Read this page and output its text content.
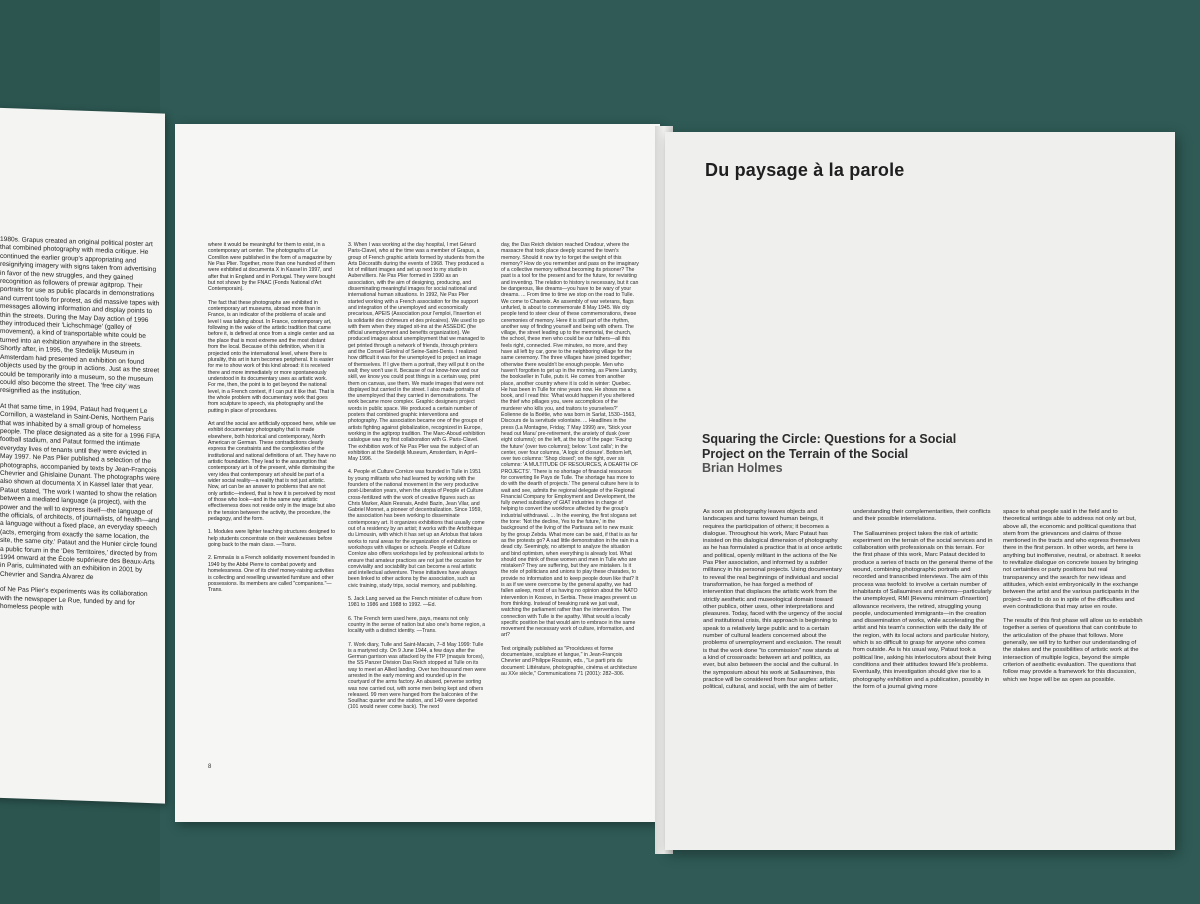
1980s. Grapus created an original political poster art that combined photography with media critique. He continued the earlier group's appropriating and resignifying imagery with signs taken from advertising in favor of the new struggles, and they gained recognition as followers of prewar agitprop. Their portraits for use as public placards in demonstrations and current tools for protest, as did massive tapes with messages allowing information and display points to thin the streets. During the May Day action of 1996 they introduced their 'Lichschmage' (galley of movement), a kind of transportable white could be turned into an exhibition anywhere in the streets. Shortly after, in 1995, the Stedelijk Museum in Amsterdam had presented an exhibition on found objects used by the group in actions. Just as the street could be temporarily into a museum, so the museum could also become the street. The 'free city' was resignified as the institution.

At that same time, in 1994, Pataut had frequent Le Cornillon, a wasteland in Saint-Denis, Northern Paris that was inhabited by a small group of homeless people. The place designated as a site for a 1996 FIFA football stadium, and Pataut formed the intimate everyday lives of tenants until they were evicted in May 1997. Ne Pas Plier published a selection of the photographs, accompanied by texts by Jean-François Chevrier and Ghislaine Dunant. The photographs were also shown at documenta X in Kassel later that year. Pataut stated, 'The work I wanted to show the relation between a mediated language (a project), with the power and the will to express itself—the language of the officials, of architects, of journalists, of health—and a language without a fixed place, an everyday speech (acts, emerging from exactly the same location, the site, the same city.' Pataut and the Hunier circle found a public forum in the 'Des Territoires,' directed by from 1994 onward at the École supérieure des Beaux-Arts in Paris, culminated with an exhibition in 2001 by Chevrier and Sandra Alvarez de

of Ne Pas Plier's experiments was its collaboration with the newspaper Le Rue, funded by and for homeless people with

where it would be meaningful for them to exist, in a contemporary art center. The photographs of Le Cornillon were published in the form of a magazine by Ne Pas Plier. Together, more than one hundred of them were exhibited at documenta X in Kassel in 1997, and after that in England and in Portugal. They were bought but not shown by the FNAC (Fonds National d'Art Contemporain).

The fact that these photographs are exhibited in contemporary art museums, abroad more than in France, is an indicator of the problems of scale and level I was talking about. In France, contemporary art, following in the wake of the artistic tradition that came before it, is defined at once from a single center and as the place that is most extreme and the most distant from the local. Because of this definition, when it is projected onto the international level, where there is plurality, this art in turn becomes peripheral. It is easier for me to show work of this kind abroad: it is received there and more immediately or more spontaneously understood in its documentary uses as artistic work. For me, then, the point is to get beyond the national level, in a French context, if I can put it like that. That is the whole problem with documentary work that goes from sculpture to speech, via photography and the putting in place of procedures.

Art and the social are artificially opposed here, while we exhibit documentary photography that is made elsewhere, both historical and contemporary, North American or German. These contradictions clearly express the constraints and the complexities of the institutional and national definitions of art. They have no artistic foundation. They lead to the assumption that contemporary art is of the present, while dismissing the very idea that contemporary art should be part of a wider social reality—a reality that is not just artistic. Now, art can be an answer to problems that are not only artistic—indeed, that is how it is perceived by most of those who look—and in the same way artistic effectiveness does not reside only in the image but also in the tension between the activity, the procedure, the pedagogy, and the form.

1. Modules were lighter teaching structures designed to help students concentrate on their weaknesses before going back to the main class. —Trans.

2. Emmaüs is a French solidarity movement founded in 1949 by the Abbé Pierre to combat poverty and homelessness. One of its chief money-raising activities is collecting and reselling unwanted furniture and other possessions. Its members are called "companions."—Trans.

3. When I was working at the day hospital, I met Gérard Paris-Clavel, who at the time was a member of Grapus, a group of French graphic artists formed by students from the Arts Décoratifs during the events of 1968. They produced a lot of militant images and set up next to my studio in Aubervilliers. Ne Pas Plier formed in 1990 as an association, with the aim of designing, producing, and disseminating meaningful images for social national and international human situations. In 1992, Ne Pas Plier started working with a French association for the support and integration of the unemployed and economically precarious, APEIS (Association pour l'emploi, l'insertion et la solidarité des chômeurs et des précaires). We used to go with them when they staged sit-ins at the ASSEDIC (the official unemployment and benefits organization). We produced images about unemployment that we managed to get printed through a network of friends, through printers and the Conseil Général of Seine-Saint-Denis. I realized how difficult it was for the unemployed to project an image of themselves. If I give them a portrait, they will put it on the wall; they won't use it. Because of our know-how and our skill, we know you could post things in a certain way, print them on canvas, use them. We made images that were not displayed but carried in the street. I also made portraits of the unemployed that they carried in demonstrations. The work became more complex. Graphic designers project words in public space. We produced a certain number of posters that combined graphic interventions and photography. The association became one of the groups of artists fighting against globalization, recognized in Europe, working in the agitprop tradition. The Marc-Aboud exhibition catalogue was my first collaboration with G. Paris-Clavel. The exhibition work of Ne Pas Plier was the subject of an exhibition at the Stedelijk Museum, Amsterdam, in April–May 1996.

4. People et Culture Corrèze was founded in Tulle in 1951 by young militants who had learned by working with the founders of the national movement in the very productive post-Liberation years, when the utopia of People et Culture cross-fertilized with the work of creative figures such as Chris Marker, Alain Resnais, André Bazin, Jean Vilar, and Gabriel Monnet, a pioneer of decentralization. Since 1959, the association has been working to disseminate contemporary art. It organizes exhibitions that usually come out of a residency by an artist; it works with the Artothèque du Limousin, with which it has set up an Artobus that takes works to rural areas for the organization of exhibitions or workshops with villages or schools. People et Culture Corrèze also offers workshops led by professional artists to ensure that amateur practices are not just the occasion for conviviality and sociability but can become a real artistic and intellectual adventure. These initiatives have always been linked to other actions by the association, such as civic training, study trips, social memory, and publishing.

5. Jack Lang served as the French minister of culture from 1981 to 1986 and 1988 to 1992. —Ed.

6. The French term used here, pays, means not only country in the sense of nation but also one's home region, a locality with a distinct identity. —Trans.

7. Work diary, Tulle and Saint-Macain, 7–8 May 1999: Tulle is a martyred city. On 9 June 1944, a few days after the German garrison was attacked by the FTP (maquis forces), the SS Panzer Division Das Reich stopped at Tulle on its way to meet an Allied landing. Over two thousand men were arrested in the early morning and rounded up in the courtyard of the arms factory. An abused, perverse sorting was now carried out, with some men being kept and others released. 99 men were hanged from the balconies of the Souilhac quarter and the station, and 149 were deported (101 would never come back). The next

day, the Das Reich division reached Oradour, where the massacre that took place deeply scarred the town's memory. Should it now try to forget the weight of this memory? How do you remember and pass on the imaginary of a collective memory without becoming its prisoner? The past is a tool for the present and for the future, for revisiting and inventing. The relation to history is necessary, but it can be dangerous, like dreams—you have to be wary of your dreams. ... From time to time we stop on the road to Tulle. We come to Chanteix. An assembly of war veterans, flags unfurled, is about to commemorate 8 May 1945. We city people tend to steer clear of these commemorations, these ceremonies of memory. Here it is still part of the rhythm, another way of finding yourself and being with others. The village, the street leading up to the memorial, the church, the school, these men who could be our fathers—all this feels right, connected. Five minutes, no more, and they have all left by car, gone to the neighboring village for the same ceremony. The three villages have joined together; otherwise there wouldn't be enough people. Men who haven't forgotten to get up in the morning, as Pierre Landry, the bookseller in Tulle, puts it. He comes from another place, another country where it is cold in winter: Quebec. He has been in Tulle for nine years now. He shows me a book, and I read this: 'What would happen if you sheltered the thief who pillages you, were accomplices of the murderer who kills you, and traitors to yourselves?' Éolienne de la Boétie, who was born in Sarlat, 1530–1563, Discours de la servitude volontaire. ... Headlines in the press (La Montagne, Friday, 7 May 1999) are, 'Stick your head out Manu' pre-retirement, the anxiety of dusk (over eight columns); on the left, at the top of the page: 'Facing the future' (over two columns); below: 'Lost calls'; in the center, over four columns, 'A logic of closure'. Bottom left, over two columns: 'Shop closed'; on the right, over six columns: 'A MULTITUDE OF RESOURCES, A DEARTH OF PROJECTS'. 'There is no shortage of financial resources for converting Ile Pays de Tulle. The shortage has more to do with the dearth of projects.' The general culture here is to wait and see, admits the regional delegate of the Regional Financial Company for Employment and Development, the fully owned subsidiary of GIAT industries in charge of helping to convert the workforce affected by the group's industrial withdrawal. ... In the evening, the first slogans set the tone: 'Not the decline, Yes to the future,' in the background of the living of the Partisans set to new music by the group Zebda. What more can be said, if that is as far as the protests go? A sad little demonstration in the rain in a dead city. Seemingly, no attempt to analyze the situation and bind optimism, when everything is already lost. What should one think of these women and men in Tulle who are mistaken? They are suffering, but they are mistaken. Is it the role of politicians and unions to play these charades, to provide no information and to keep people down like that? It is as if we were overcome by the general apathy, we had fallen asleep, most of us having no opinion about the NATO intervention in Kosovo, in Serbia. These images prevent us from thinking. Instead of breaking rank we just wait, watching the parliament rather than the intervention. The connection with Tulle is the apathy. What would a locally specific position be that would aim to embrace in the same movement the necessary work of culture, information, and art?

Text originally published as "Procédures et forme documentaire, sculpture et langue," in Jean-François Chevrier and Philippe Roussin, eds., "Le parti pris du document: Littérature, photographie, cinéma et architecture au XXe siècle," Communications 71 (2001): 282–306.

8
Du paysage à la parole
Squaring the Circle: Questions for a Social Project on the Terrain of the Social
Brian Holmes

As soon as photography leaves objects and landscapes and turns toward human beings, it requires the participation of others; it becomes a dialogue. Throughout his work, Marc Pataut has insisted on this dialogical dimension of photography as he has formulated a practice that is at once artistic and political, openly militant in the actions of the Ne Pas Plier association, and informed by a subtler militancy in his personal projects. Using documentary to reveal the real beginnings of individual and social transformation, he has forged a method of intervention that displaces the artistic work from the strictly aesthetic and museological domain toward other publics, other uses, other interpretations and pleasures. Today, faced with the urgency of the social and institutional crisis, this approach is beginning to speak to a relatively large public and to a certain number of cultural leaders concerned about the problems of unemployment and exclusion. The result is that the work done "to commission" now stands at a kind of crossroads: between art and politics, as ever, but also between the social and the cultural. In the symposium about his work at Sallaumines, this practice will be considered from four angles: artistic, political, cultural, and social, with the aim of better

understanding their complementarities, their conflicts and their possible interrelations.

The Sallaumines project takes the risk of artistic experiment on the terrain of the social services and in collaboration with professionals on this terrain. For the first phase of this work, Marc Pataut decided to produce a series of tracts on the general theme of the wound, combining photographic portraits and recorded and transcribed interviews. The aim of this process was twofold: to involve a certain number of inhabitants of Sallaumines and environs—particularly the unemployed, RMI [Revenu minimum d'insertion] allowance receivers, the retired, struggling young people, undocumented immigrants—in the creation and dissemination of works, while accelerating the artist and his team's connection with the daily life of the region, with its local actors and particular history, which is so difficult to grasp for anyone who comes from outside. As is his usual way, Pataut took a political line, asking his interlocutors about their living conditions and their attitudes toward life's problems. Eventually, this investigation should give rise to a photography exhibition and a publication, possibly in the form of a journal giving more

space to what people said in the field and to theoretical writings able to address not only art but, above all, the economic and political questions that stem from the grievances and claims of those mentioned in the tracts and who express themselves there in the first person. In other words, art here is anything but inoffensive, neutral, or abstract. It seeks to revitalize dialogue on concrete issues by bringing not certainties or party positions but real transparency and the search for new ideas and attitudes, which exist embryonically in the exchange between the artist and the various participants in the project—and to do so in spite of the difficulties and even contradictions that may arise en route.

The results of this first phase will allow us to establish together a series of questions that can contribute to the articulation of the phase that follows. More generally, we will try to further our understanding of the stakes and the possibilities of artistic work at the intersection of multiple logics, beyond the simple criterion of aesthetic evaluation. The questions that follow may provide a framework for this discussion, which we hope will be as open as possible.
